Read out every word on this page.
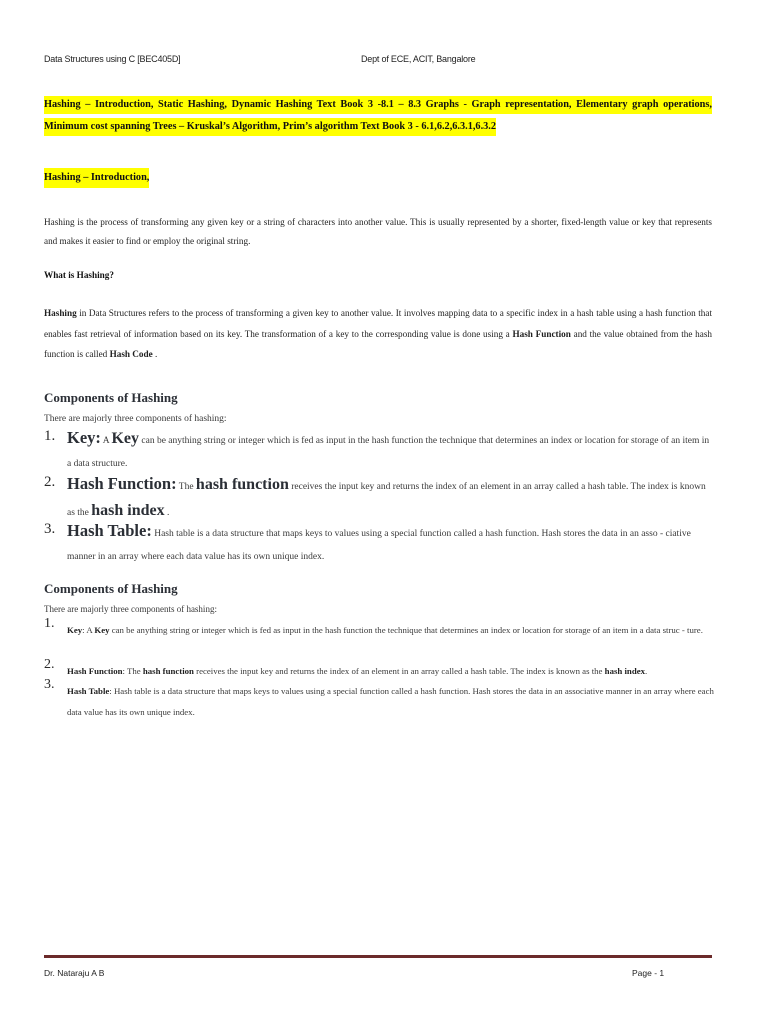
Data Structures using C [BEC405D]	Dept of ECE, ACIT, Bangalore
Hashing – Introduction, Static Hashing, Dynamic Hashing Text Book 3 -8.1 – 8.3 Graphs - Graph representation, Elementary graph operations, Minimum cost spanning Trees – Kruskal’s Algorithm, Prim’s algorithm Text Book 3 - 6.1,6.2,6.3.1,6.3.2
Hashing – Introduction,
Hashing is the process of transforming any given key or a string of characters into another value. This is usually represented by a shorter, fixed-length value or key that represents and makes it easier to find or employ the original string.
What is Hashing?
Hashing in Data Structures refers to the process of transforming a given key to another value. It involves mapping data to a specific index in a hash table using a hash function that enables fast retrieval of information based on its key. The transformation of a key to the corresponding value is done using a Hash Function and the value obtained from the hash function is called Hash Code .
Components of Hashing
There are majorly three components of hashing:
1. Key: A Key can be anything string or integer which is fed as input in the hash function the technique that determines an index or location for storage of an item in a data structure.
2. Hash Function: The hash function receives the input key and returns the index of an element in an array called a hash table. The index is known as the hash index .
3. Hash Table: Hash table is a data structure that maps keys to values using a special function called a hash function. Hash stores the data in an asso - ciative manner in an array where each data value has its own unique index.
Components of Hashing
There are majorly three components of hashing:
1. Key: A Key can be anything string or integer which is fed as input in the hash function the technique that determines an index or location for storage of an item in a data struc - ture.
2. Hash Function: The hash function receives the input key and returns the index of an element in an array called a hash table. The index is known as the hash index.
3. Hash Table: Hash table is a data structure that maps keys to values using a special function called a hash function. Hash stores the data in an associative manner in an array where each data value has its own unique index.
Dr. Nataraju A B	Page - 1
